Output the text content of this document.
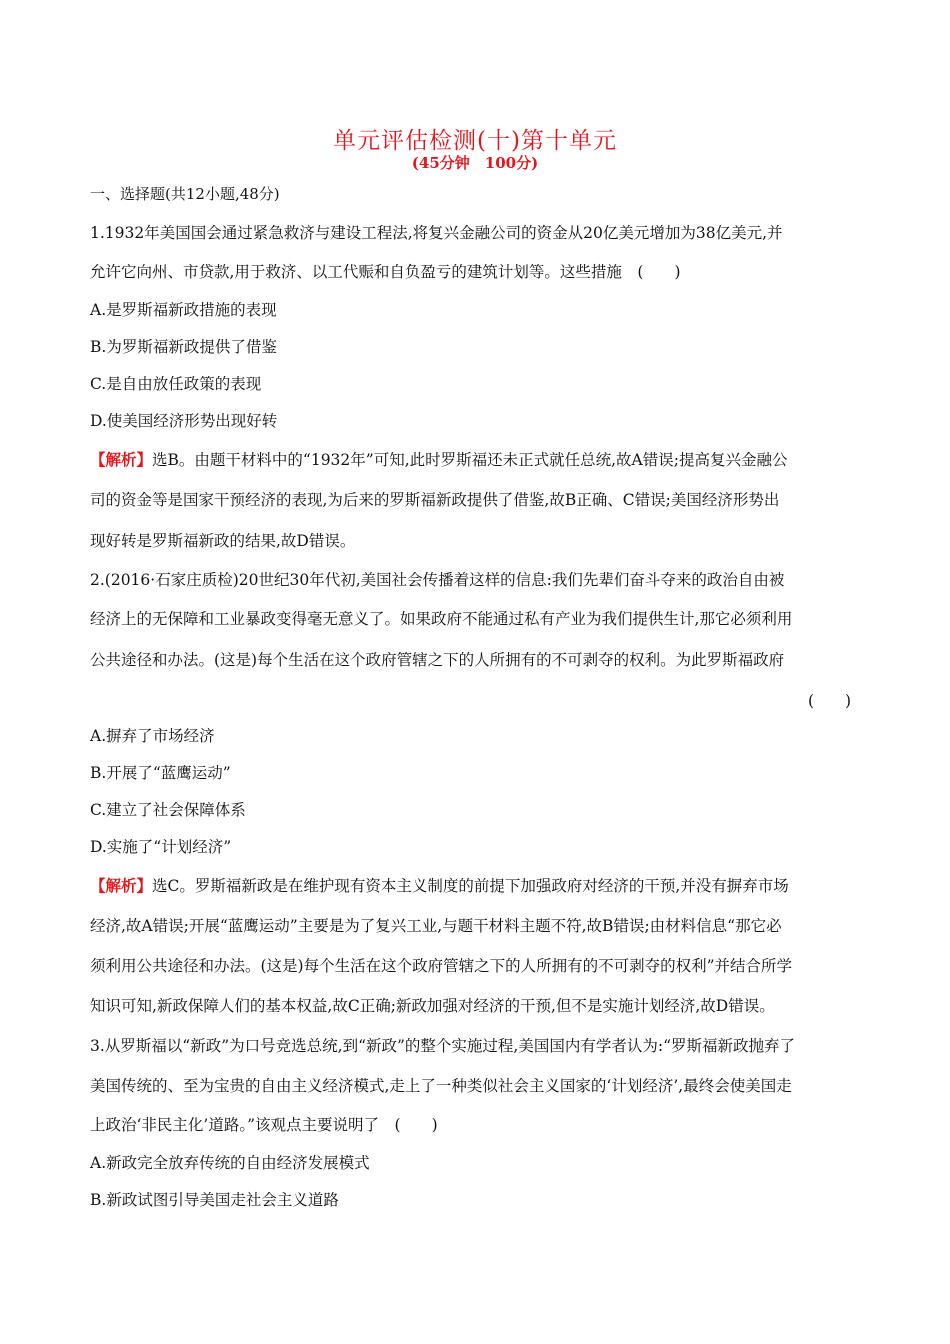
单元评估检测(十)第十单元
(45分钟　100分)
一、选择题(共12小题,48分)
1.1932年美国国会通过紧急救济与建设工程法,将复兴金融公司的资金从20亿美元增加为38亿美元,并
允许它向州、市贷款,用于救济、以工代赈和自负盈亏的建筑计划等。这些措施　(　　)
A.是罗斯福新政措施的表现
B.为罗斯福新政提供了借鉴
C.是自由放任政策的表现
D.使美国经济形势出现好转
【解析】选B。由题干材料中的“1932年”可知,此时罗斯福还未正式就任总统,故A错误;提高复兴金融公
司的资金等是国家干预经济的表现,为后来的罗斯福新政提供了借鉴,故B正确、C错误;美国经济形势出
现好转是罗斯福新政的结果,故D错误。
2.(2016·石家庄质检)20世纪30年代初,美国社会传播着这样的信息:我们先辈们奋斗夺来的政治自由被
经济上的无保障和工业暴政变得毫无意义了。如果政府不能通过私有产业为我们提供生计,那它必须利用
公共途径和办法。(这是)每个生活在这个政府管辖之下的人所拥有的不可剥夺的权利。为此罗斯福政府
(　　)
A.摒弃了市场经济
B.开展了“蓝鹰运动”
C.建立了社会保障体系
D.实施了“计划经济”
【解析】选C。罗斯福新政是在维护现有资本主义制度的前提下加强政府对经济的干预,并没有摒弃市场
经济,故A错误;开展“蓝鹰运动”主要是为了复兴工业,与题干材料主题不符,故B错误;由材料信息“那它必
须利用公共途径和办法。(这是)每个生活在这个政府管辖之下的人所拥有的不可剥夺的权利”并结合所学
知识可知,新政保障人们的基本权益,故C正确;新政加强对经济的干预,但不是实施计划经济,故D错误。
3.从罗斯福以“新政”为口号竞选总统,到“新政”的整个实施过程,美国国内有学者认为:“罗斯福新政抛弃了
美国传统的、至为宝贵的自由主义经济模式,走上了一种类似社会主义国家的‘计划经济’,最终会使美国走
上政治‘非民主化’道路。”该观点主要说明了　(　　)
A.新政完全放弃传统的自由经济发展模式
B.新政试图引导美国走社会主义道路
